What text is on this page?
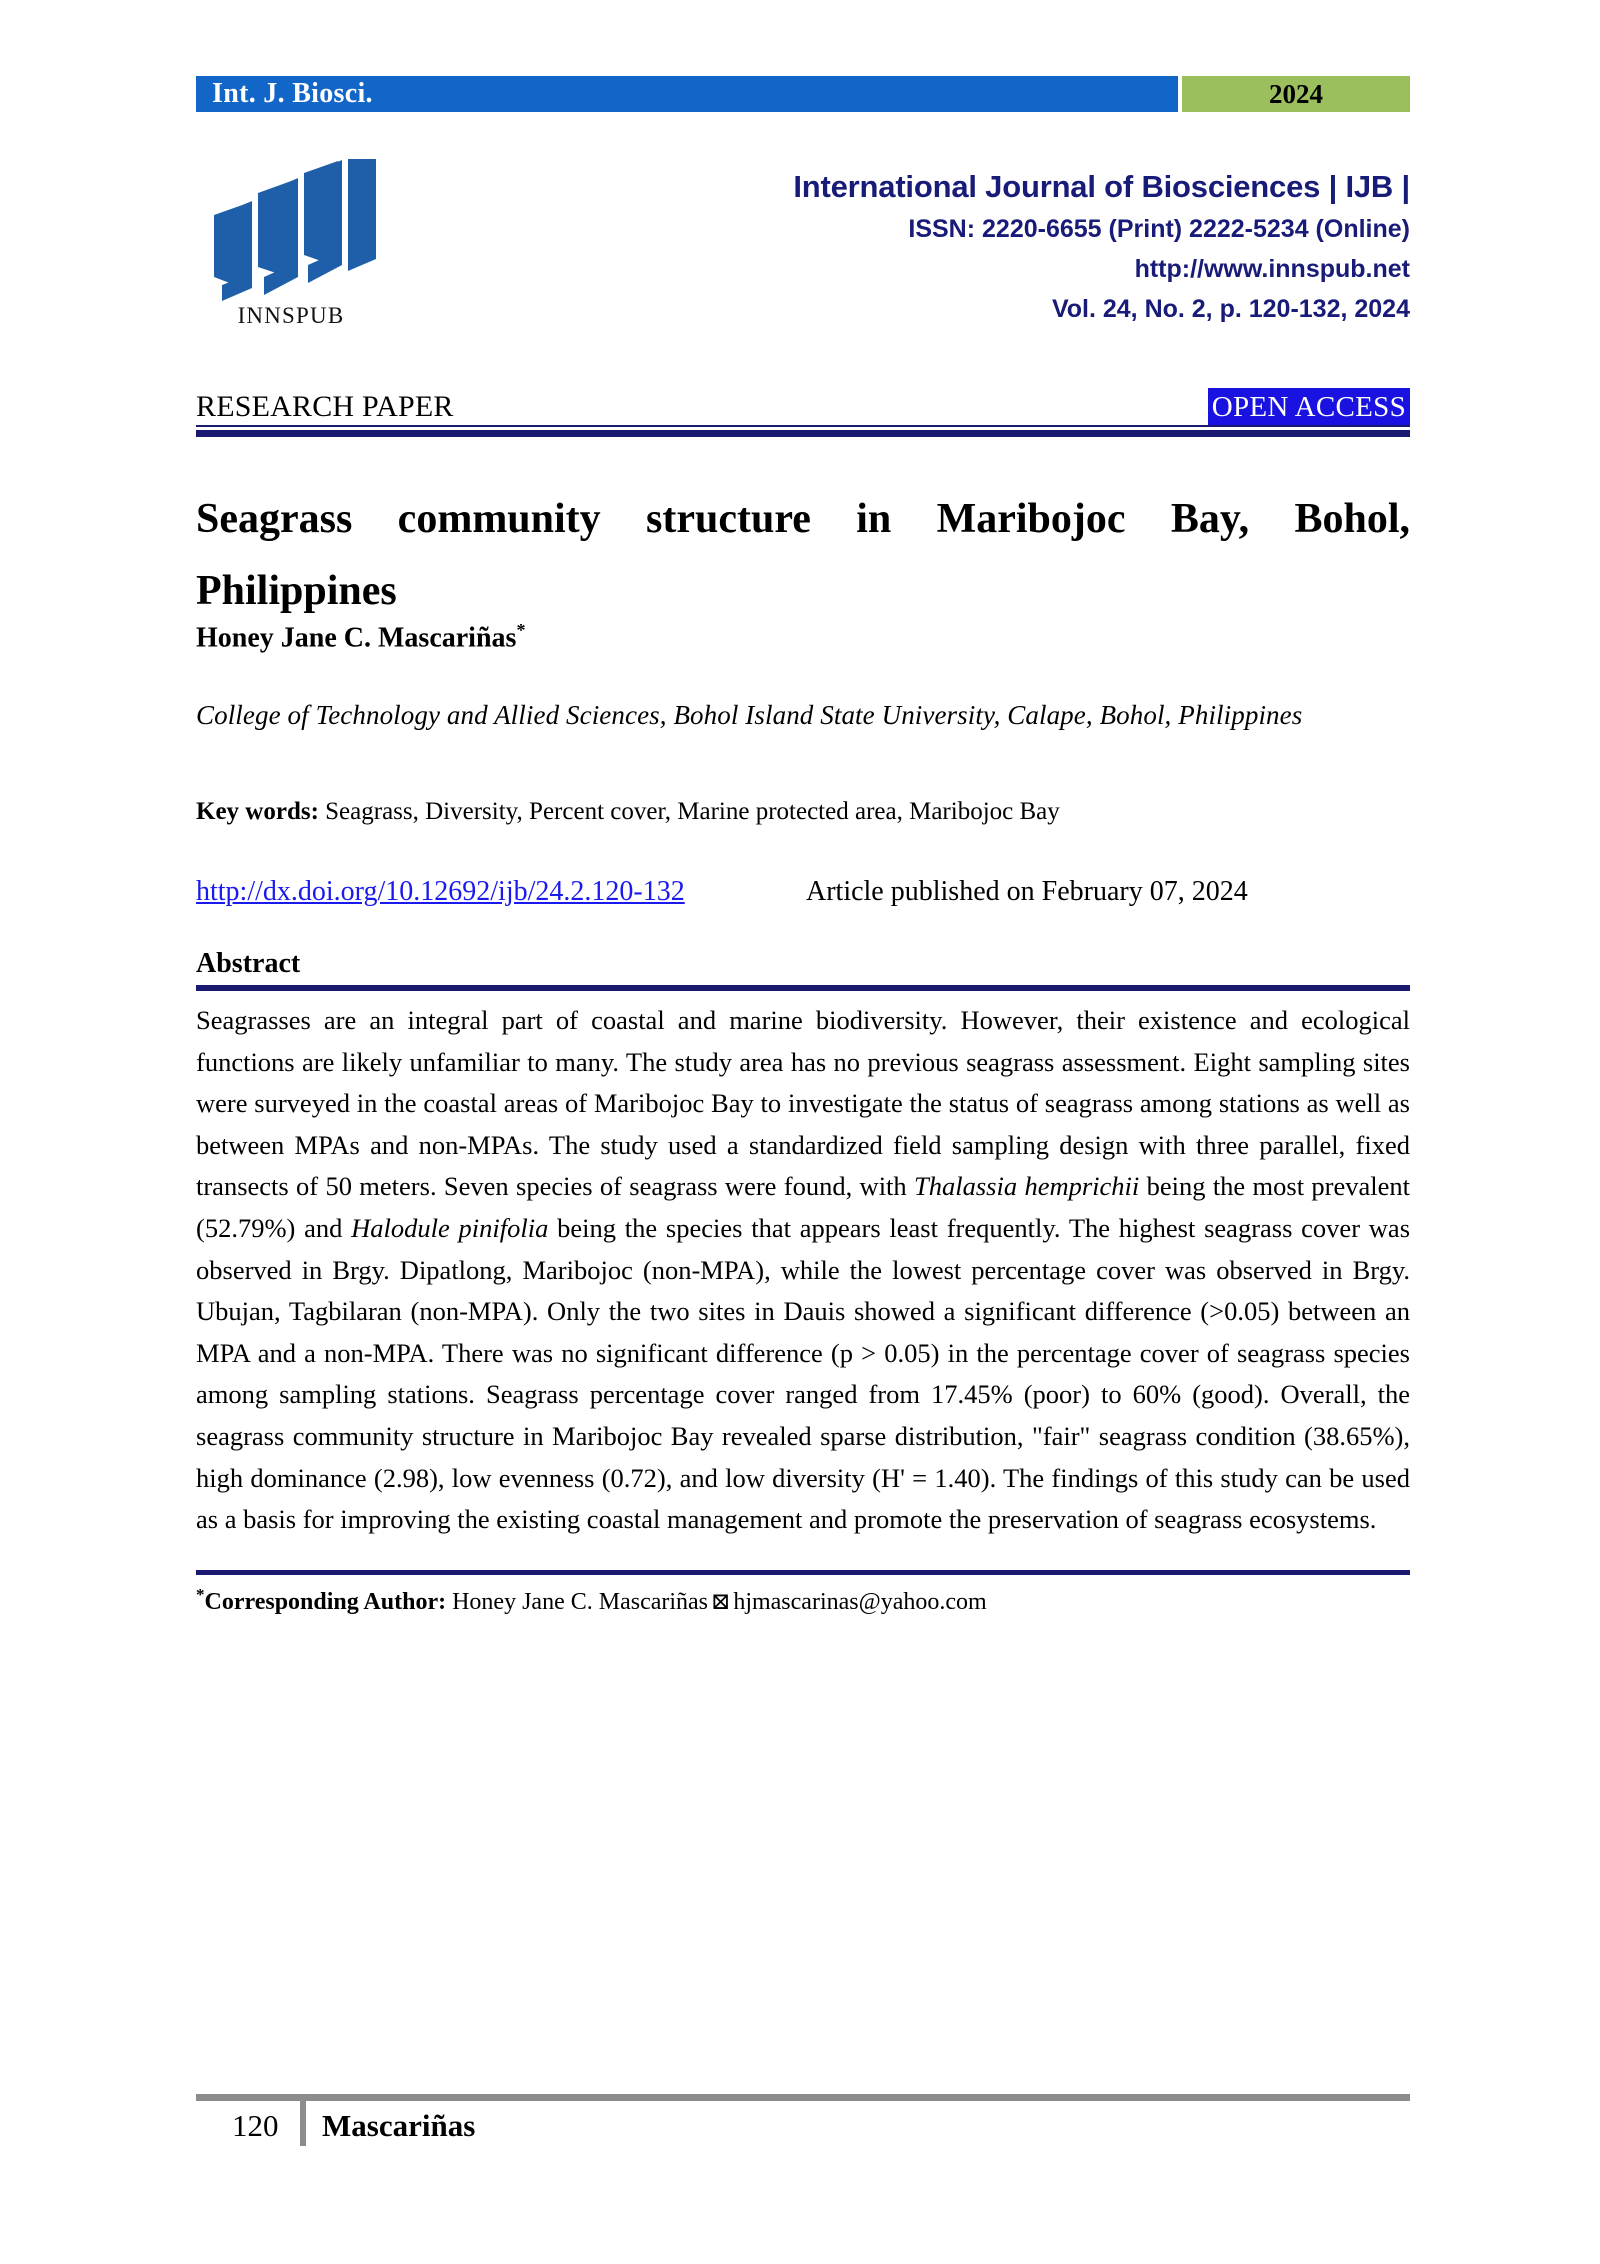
Int. J. Biosci.	2024
INNSPUB
International Journal of Biosciences | IJB |
ISSN: 2220-6655 (Print) 2222-5234 (Online)
http://www.innspub.net
Vol. 24, No. 2, p. 120-132, 2024
RESEARCH PAPER	OPEN ACCESS
Seagrass community structure in Maribojoc Bay, Bohol,
Philippines
Honey Jane C. Mascariñas*
College of Technology and Allied Sciences, Bohol Island State University, Calape, Bohol, Philippines
Key words: Seagrass, Diversity, Percent cover, Marine protected area, Maribojoc Bay
http://dx.doi.org/10.12692/ijb/24.2.120-132	Article published on February 07, 2024
Abstract
Seagrasses are an integral part of coastal and marine biodiversity. However, their existence and ecological functions are likely unfamiliar to many. The study area has no previous seagrass assessment. Eight sampling sites were surveyed in the coastal areas of Maribojoc Bay to investigate the status of seagrass among stations as well as between MPAs and non-MPAs. The study used a standardized field sampling design with three parallel, fixed transects of 50 meters. Seven species of seagrass were found, with Thalassia hemprichii being the most prevalent (52.79%) and Halodule pinifolia being the species that appears least frequently. The highest seagrass cover was observed in Brgy. Dipatlong, Maribojoc (non-MPA), while the lowest percentage cover was observed in Brgy. Ubujan, Tagbilaran (non-MPA). Only the two sites in Dauis showed a significant difference (>0.05) between an MPA and a non-MPA. There was no significant difference (p > 0.05) in the percentage cover of seagrass species among sampling stations. Seagrass percentage cover ranged from 17.45% (poor) to 60% (good). Overall, the seagrass community structure in Maribojoc Bay revealed sparse distribution, "fair" seagrass condition (38.65%), high dominance (2.98), low evenness (0.72), and low diversity (H' = 1.40). The findings of this study can be used as a basis for improving the existing coastal management and promote the preservation of seagrass ecosystems.
*Corresponding Author: Honey Jane C. Mascariñas ⊠ hjmascarinas@yahoo.com
120 Mascariñas
